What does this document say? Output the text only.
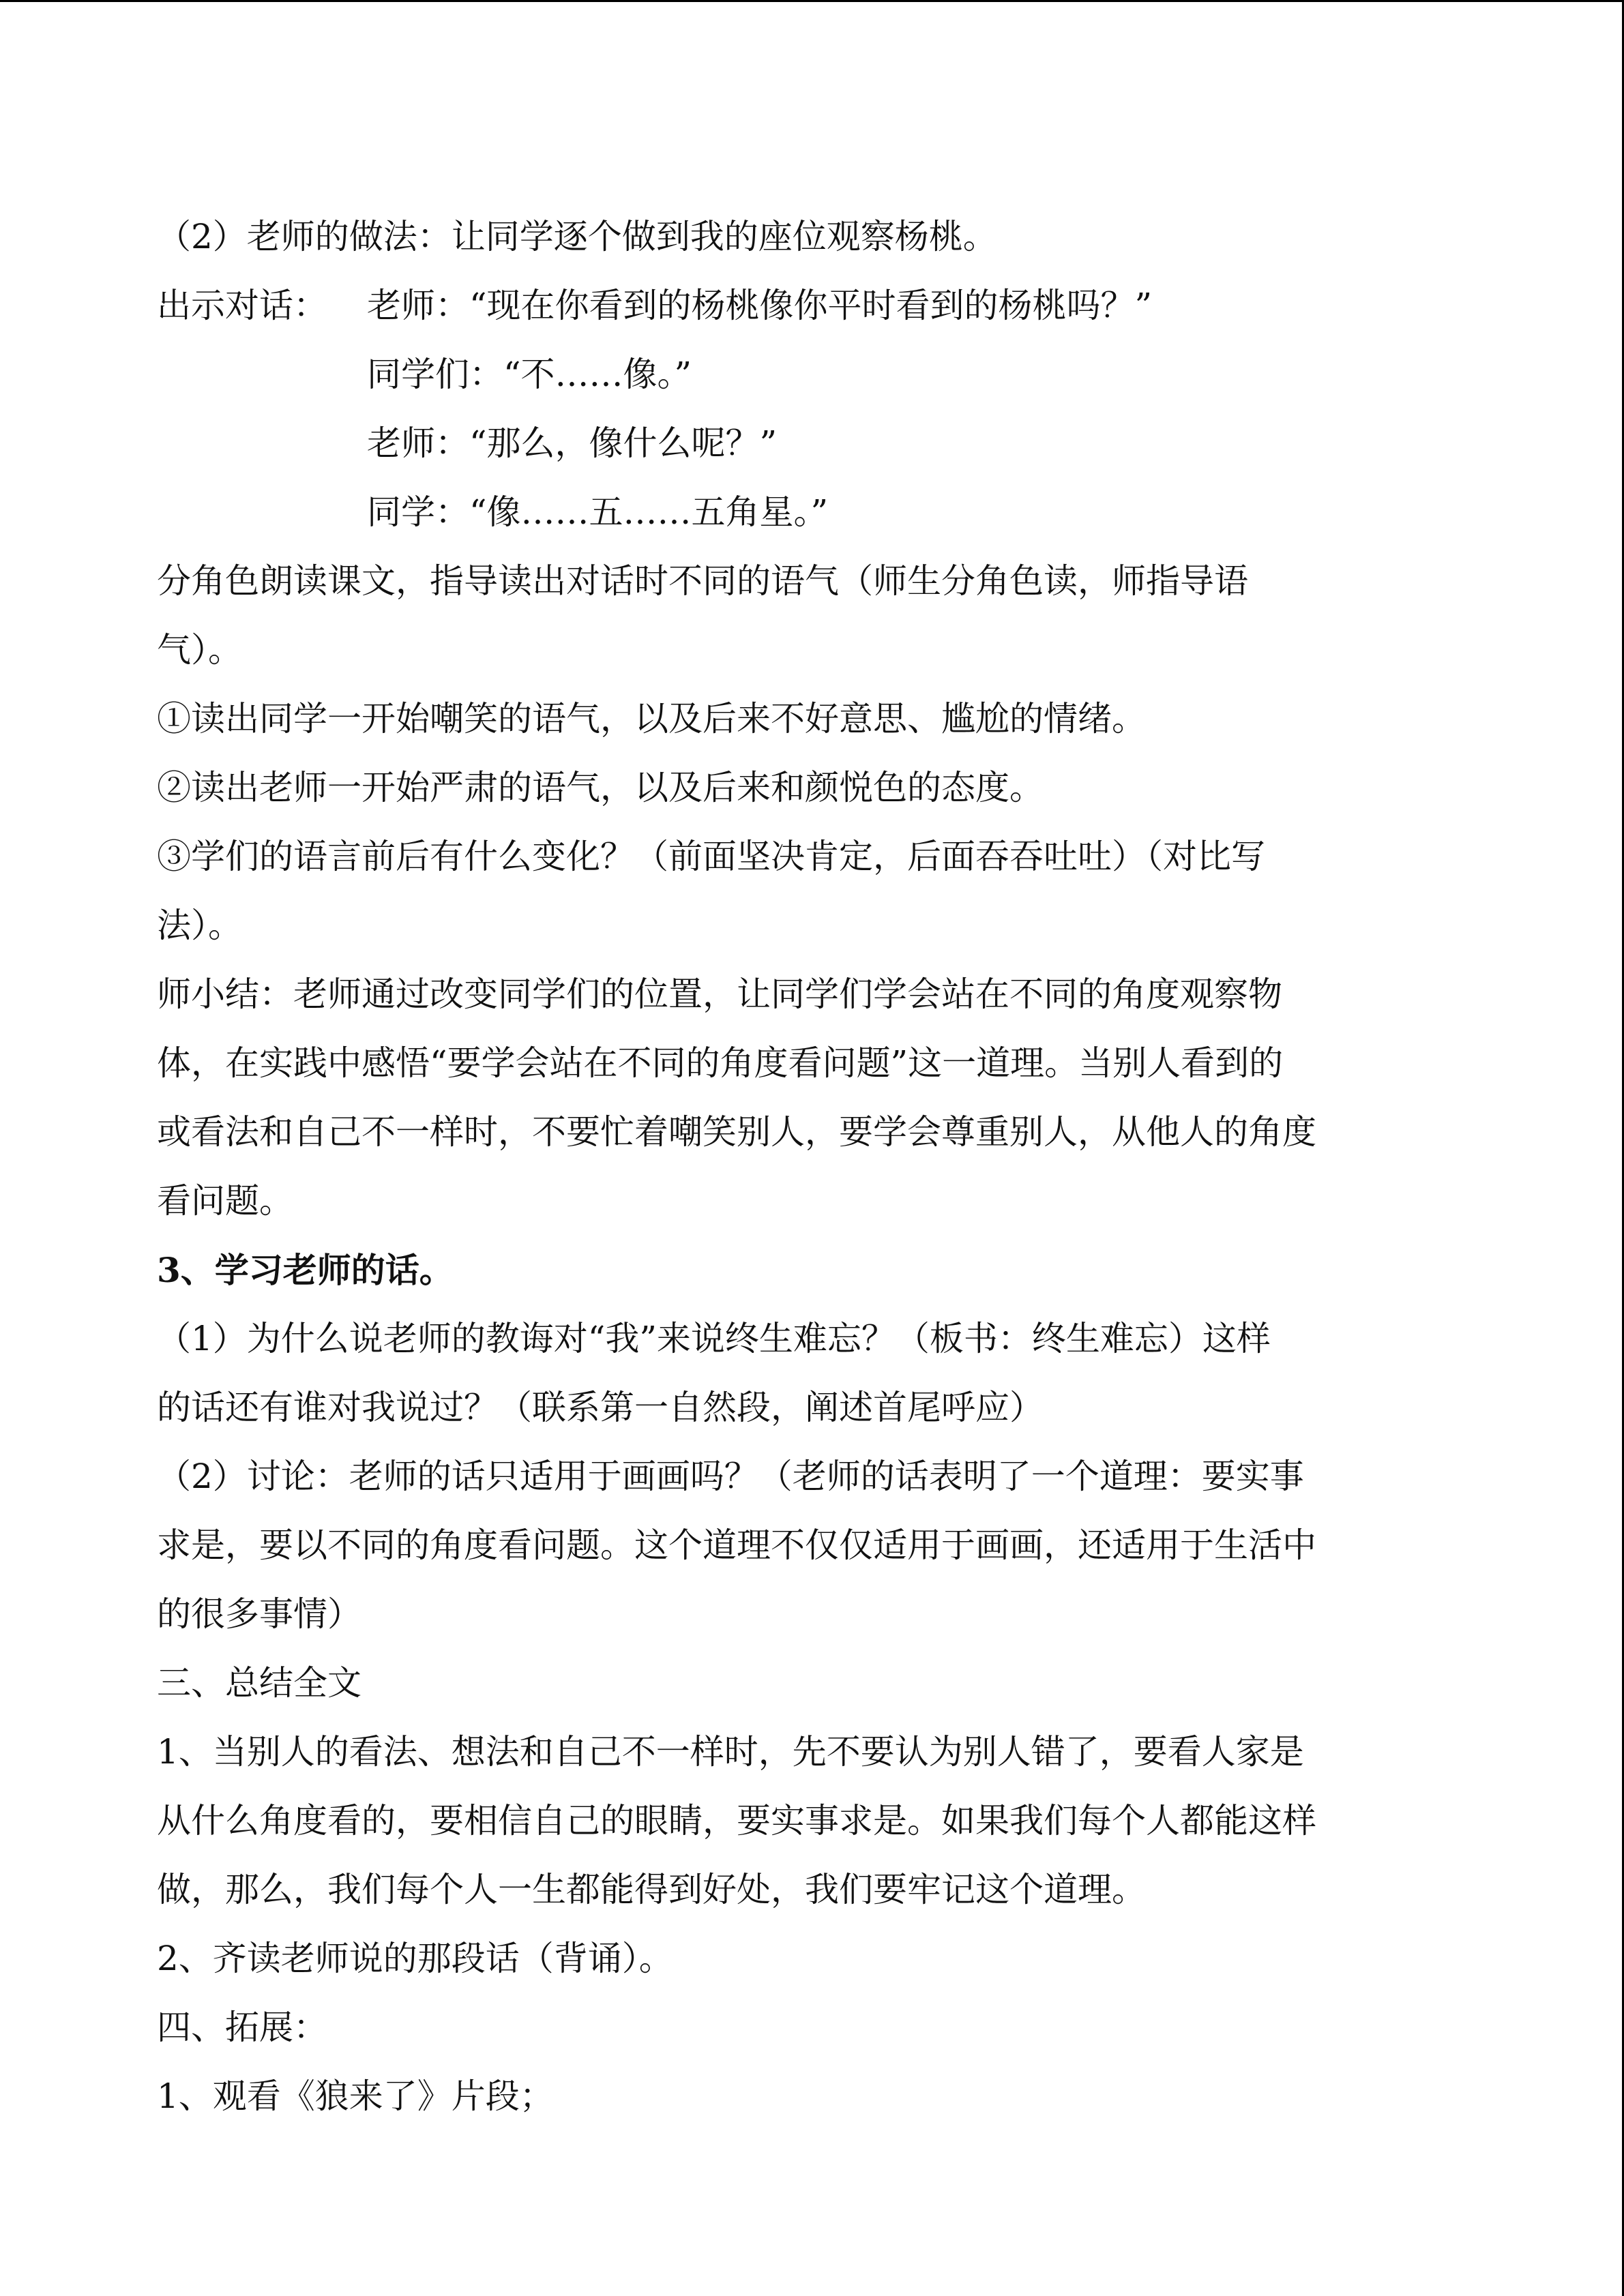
（2）老师的做法：让同学逐个做到我的座位观察杨桃。
出示对话： 老师：“现在你看到的杨桃像你平时看到的杨桃吗？”
同学们：“不……像。”
老师：“那么，像什么呢？”
同学：“像……五……五角星。”
分角色朗读课文，指导读出对话时不同的语气（师生分角色读，师指导语
气）。
①读出同学一开始嘲笑的语气，以及后来不好意思、尴尬的情绪。
②读出老师一开始严肃的语气，以及后来和颜悦色的态度。
③学们的语言前后有什么变化？（前面坚决肯定，后面吞吞吐吐）（对比写
法）。
师小结：老师通过改变同学们的位置，让同学们学会站在不同的角度观察物
体，在实践中感悟“要学会站在不同的角度看问题”这一道理。当别人看到的
或看法和自己不一样时，不要忙着嘲笑别人，要学会尊重别人，从他人的角度
看问题。
3、学习老师的话。
（1）为什么说老师的教诲对“我”来说终生难忘？（板书：终生难忘）这样
的话还有谁对我说过？（联系第一自然段，阐述首尾呼应）
（2）讨论：老师的话只适用于画画吗？（老师的话表明了一个道理：要实事
求是，要以不同的角度看问题。这个道理不仅仅适用于画画，还适用于生活中
的很多事情）
三、总结全文
1、当别人的看法、想法和自己不一样时，先不要认为别人错了，要看人家是
从什么角度看的，要相信自己的眼睛，要实事求是。如果我们每个人都能这样
做，那么，我们每个人一生都能得到好处，我们要牢记这个道理。
2、齐读老师说的那段话（背诵）。
四、拓展：
1、观看《狼来了》片段；
